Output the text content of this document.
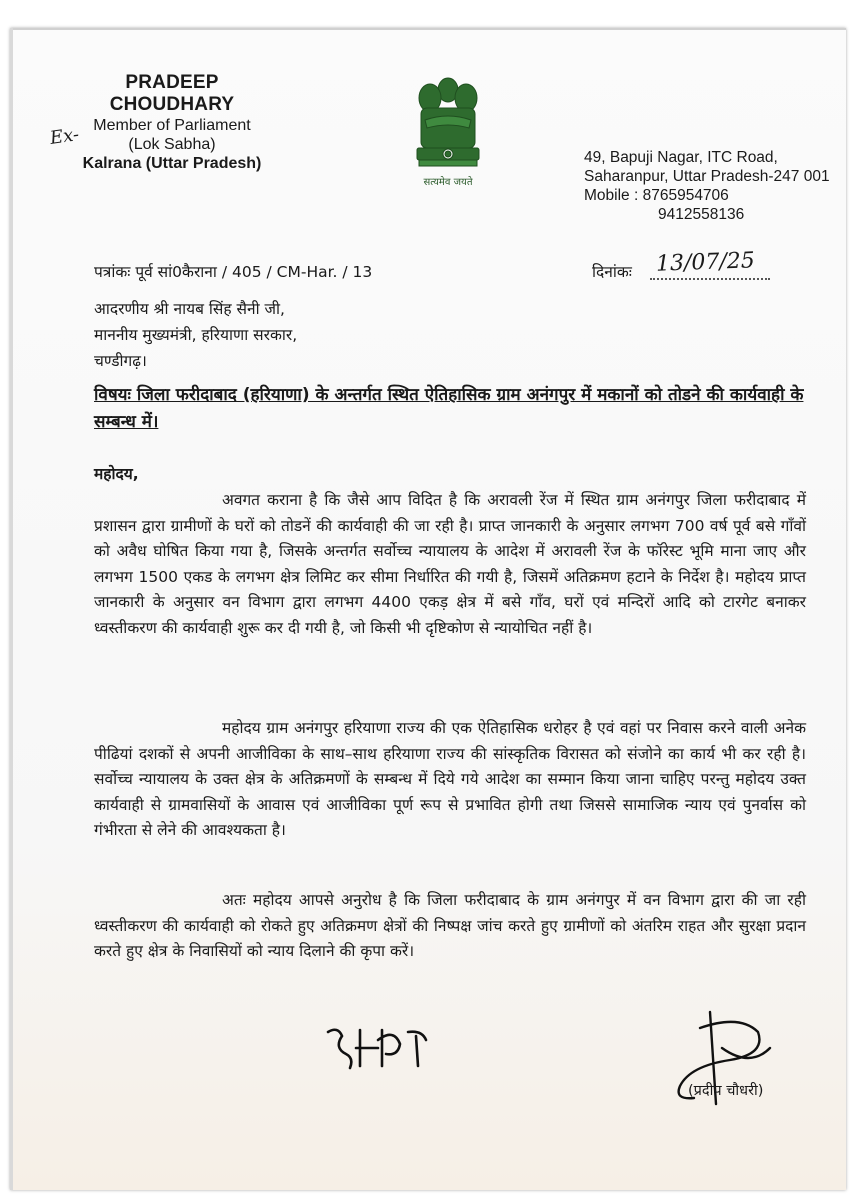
PRADEEP CHOUDHARY
Member of Parliament
(Lok Sabha)
Kalrana (Uttar Pradesh)
Ex-
सत्यमेव जयते
49, Bapuji Nagar, ITC Road,
Saharanpur, Uttar Pradesh-247 001
Mobile : 8765954706
9412558136
पत्रांकः पूर्व सां0कैराना / 405 / CM-Har. / 13	दिनांकः 13/07/25
आदरणीय श्री नायब सिंह सैनी जी,
माननीय मुख्यमंत्री, हरियाणा सरकार,
चण्डीगढ़।
विषयः जिला फरीदाबाद (हरियाणा) के अन्तर्गत स्थित ऐतिहासिक ग्राम अनंगपुर में मकानों को तोडने की कार्यवाही के सम्बन्ध में।
महोदय,
अवगत कराना है कि जैसे आप विदित है कि अरावली रेंज में स्थित ग्राम अनंगपुर जिला फरीदाबाद में प्रशासन द्वारा ग्रामीणों के घरों को तोडनें की कार्यवाही की जा रही है। प्राप्त जानकारी के अनुसार लगभग 700 वर्ष पूर्व बसे गाँवों को अवैध घोषित किया गया है, जिसके अन्तर्गत सर्वोच्च न्यायालय के आदेश में अरावली रेंज के फॉरेस्ट भूमि माना जाए और लगभग 1500 एकड के लगभग क्षेत्र लिमिट कर सीमा निर्धारित की गयी है, जिसमें अतिक्रमण हटाने के निर्देश है। महोदय प्राप्त जानकारी के अनुसार वन विभाग द्वारा लगभग 4400 एकड़ क्षेत्र में बसे गाँव, घरों एवं मन्दिरों आदि को टारगेट बनाकर ध्वस्तीकरण की कार्यवाही शुरू कर दी गयी है, जो किसी भी दृष्टिकोण से न्यायोचित नहीं है।
महोदय ग्राम अनंगपुर हरियाणा राज्य की एक ऐतिहासिक धरोहर है एवं वहां पर निवास करने वाली अनेक पीढियां दशकों से अपनी आजीविका के साथ–साथ हरियाणा राज्य की सांस्कृतिक विरासत को संजोने का कार्य भी कर रही है। सर्वोच्च न्यायालय के उक्त क्षेत्र के अतिक्रमणों के सम्बन्ध में दिये गये आदेश का सम्मान किया जाना चाहिए परन्तु महोदय उक्त कार्यवाही से ग्रामवासियों के आवास एवं आजीविका पूर्ण रूप से प्रभावित होगी तथा जिससे सामाजिक न्याय एवं पुनर्वास को गंभीरता से लेने की आवश्यकता है।
अतः महोदय आपसे अनुरोध है कि जिला फरीदाबाद के ग्राम अनंगपुर में वन विभाग द्वारा की जा रही ध्वस्तीकरण की कार्यवाही को रोकते हुए अतिक्रमण क्षेत्रों की निष्पक्ष जांच करते हुए ग्रामीणों को अंतरिम राहत और सुरक्षा प्रदान करते हुए क्षेत्र के निवासियों को न्याय दिलाने की कृपा करें।
(प्रदीप चौधरी)
